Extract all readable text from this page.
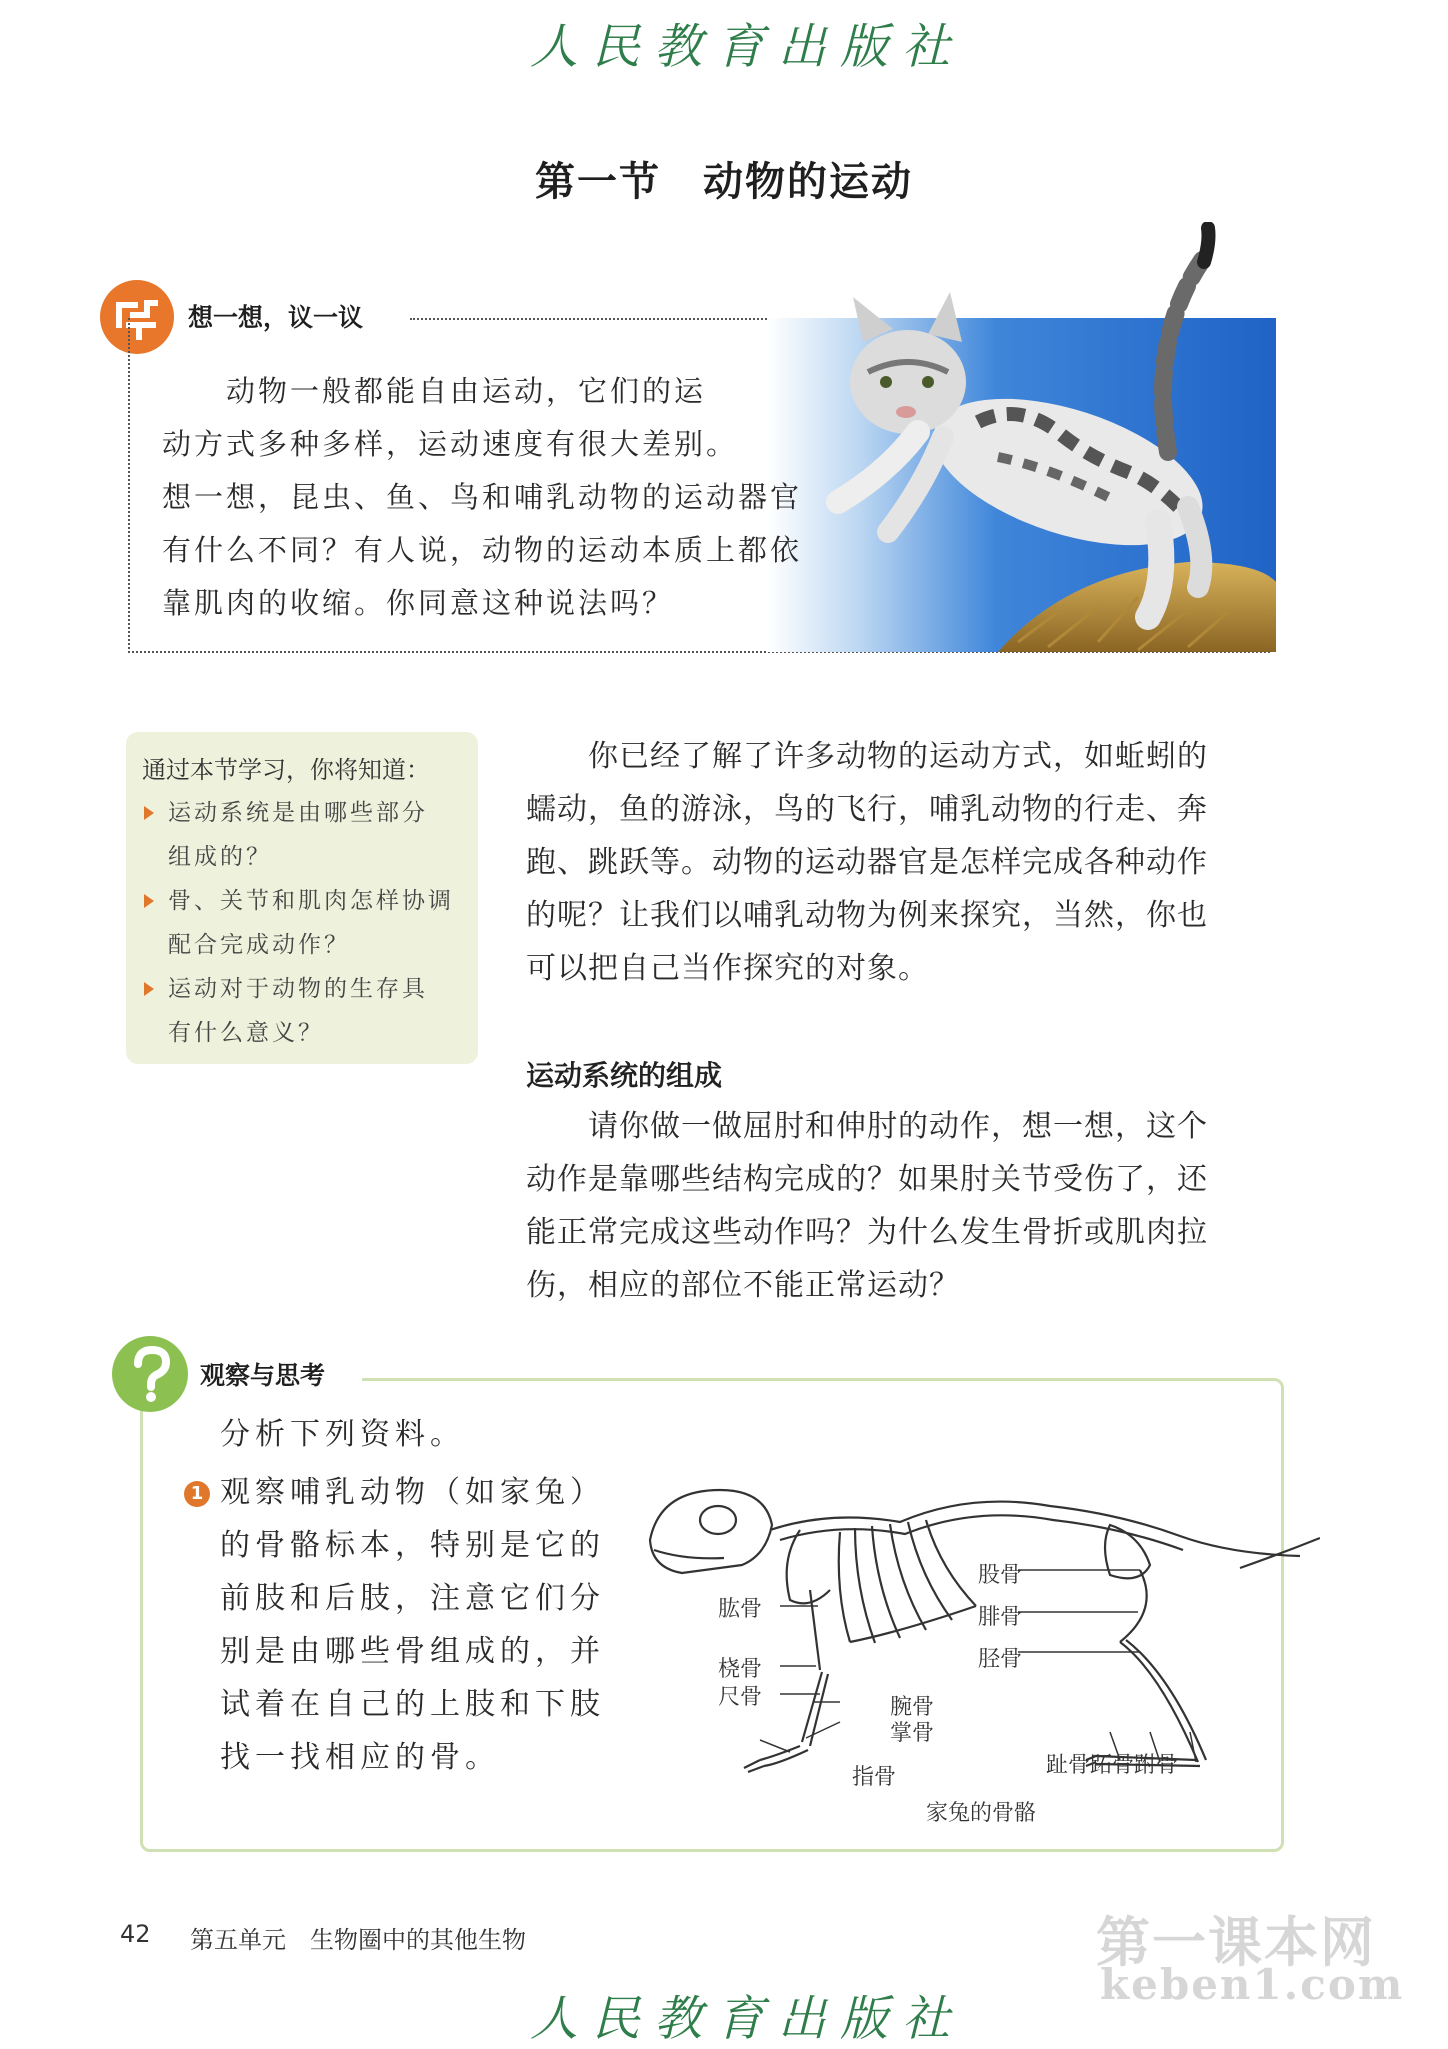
人民教育出版社
第一节　动物的运动
想一想，议一议
　　动物一般都能自由运动，它们的运
动方式多种多样，运动速度有很大差别。
想一想，昆虫、鱼、鸟和哺乳动物的运动器官
有什么不同？有人说，动物的运动本质上都依
靠肌肉的收缩。你同意这种说法吗？
通过本节学习，你将知道：
运动系统是由哪些部分
组成的？
骨、关节和肌肉怎样协调
配合完成动作？
运动对于动物的生存具
有什么意义？
　　你已经了解了许多动物的运动方式，如蚯蚓的
蠕动，鱼的游泳，鸟的飞行，哺乳动物的行走、奔
跑、跳跃等。动物的运动器官是怎样完成各种动作
的呢？让我们以哺乳动物为例来探究，当然，你也
可以把自己当作探究的对象。
运动系统的组成
　　请你做一做屈肘和伸肘的动作，想一想，这个
动作是靠哪些结构完成的？如果肘关节受伤了，还
能正常完成这些动作吗？为什么发生骨折或肌肉拉
伤，相应的部位不能正常运动？
观察与思考
分析下列资料。
1 观察哺乳动物（如家兔）
的骨骼标本，特别是它的
前肢和后肢，注意它们分
别是由哪些骨组成的，并
试着在自己的上肢和下肢
找一找相应的骨。
肱骨
桡骨
尺骨	腕骨
掌骨
指骨
股骨
腓骨
胫骨
趾骨跖骨跗骨
家兔的骨骼
42 第五单元　生物圈中的其他生物	第一课本网
keben1.com
人民教育出版社
